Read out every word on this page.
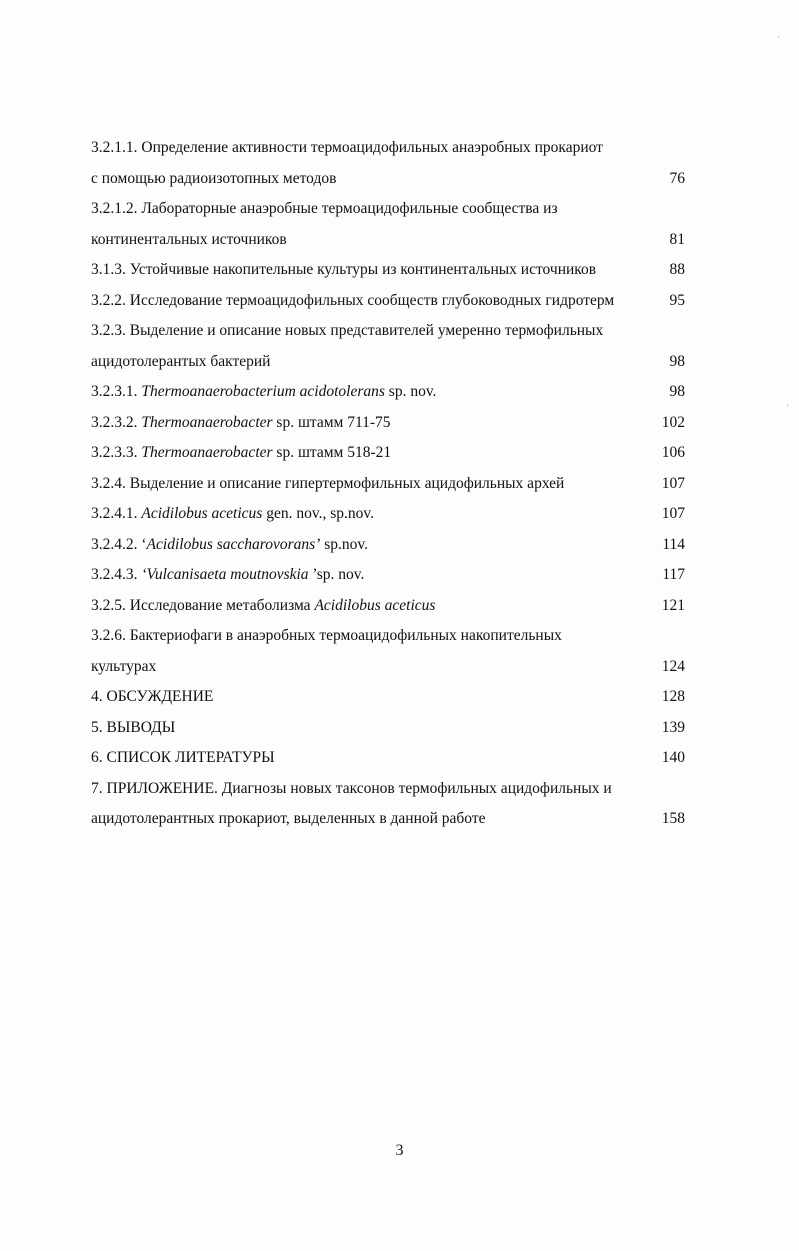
3.2.1.1. Определение активности термоацидофильных анаэробных прокариот
с помощью радиоизотопных методов	76
3.2.1.2. Лабораторные анаэробные термоацидофильные сообщества из
континентальных источников	81
3.1.3. Устойчивые накопительные культуры из континентальных источников	88
3.2.2. Исследование термоацидофильных сообществ глубоководных гидротерм	95
3.2.3. Выделение и описание новых представителей умеренно термофильных
ацидотолерантых бактерий	98
3.2.3.1. Thermoanaerobacterium acidotolerans sp. nov.	98
3.2.3.2. Thermoanaerobacter sp. штамм 711-75	102
3.2.3.3. Thermoanaerobacter sp. штамм 518-21	106
3.2.4. Выделение и описание гипертермофильных ацидофильных архей	107
3.2.4.1. Acidilobus aceticus gen. nov., sp.nov.	107
3.2.4.2. ‘Acidilobus saccharovorans’ sp.nov.	114
3.2.4.3. ‘Vulcanisaeta moutnovskia ’sp. nov.	117
3.2.5. Исследование метаболизма Acidilobus aceticus	121
3.2.6. Бактериофаги в анаэробных термоацидофильных накопительных
культурах	124
4. ОБСУЖДЕНИЕ	128
5. ВЫВОДЫ	139
6. СПИСОК ЛИТЕРАТУРЫ	140
7. ПРИЛОЖЕНИЕ. Диагнозы новых таксонов термофильных ацидофильных и
ацидотолерантных прокариот, выделенных в данной работе	158
3
